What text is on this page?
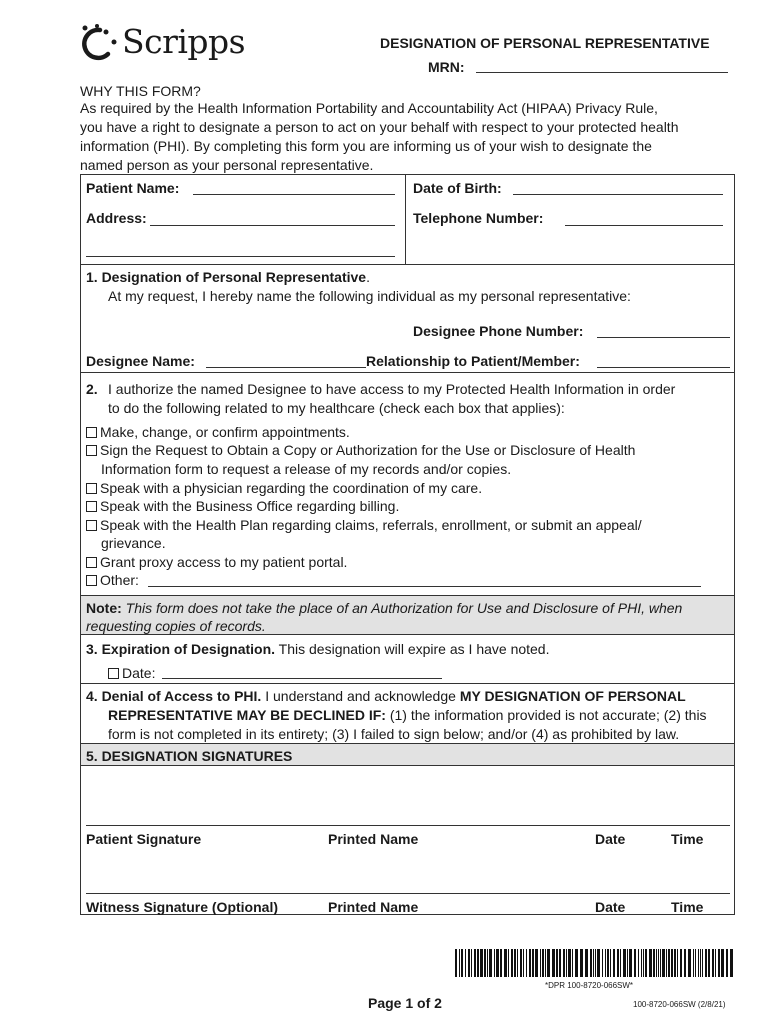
Scripps	DESIGNATION OF PERSONAL REPRESENTATIVE
MRN:
WHY THIS FORM?
As required by the Health Information Portability and Accountability Act (HIPAA) Privacy Rule,
you have a right to designate a person to act on your behalf with respect to your protected health
information (PHI). By completing this form you are informing us of your wish to designate the
named person as your personal representative.
Patient Name:	Date of Birth:
Address:	Telephone Number:
1. Designation of Personal Representative.
At my request, I hereby name the following individual as my personal representative:
Designee Phone Number:
Designee Name:	Relationship to Patient/Member:
2. I authorize the named Designee to have access to my Protected Health Information in order
to do the following related to my healthcare (check each box that applies):
Make, change, or confirm appointments.
Sign the Request to Obtain a Copy or Authorization for the Use or Disclosure of Health
Information form to request a release of my records and/or copies.
Speak with a physician regarding the coordination of my care.
Speak with the Business Office regarding billing.
Speak with the Health Plan regarding claims, referrals, enrollment, or submit an appeal/
grievance.
Grant proxy access to my patient portal.
Other:
Note: This form does not take the place of an Authorization for Use and Disclosure of PHI, when
requesting copies of records.
3. Expiration of Designation. This designation will expire as I have noted.
Date:
4. Denial of Access to PHI. I understand and acknowledge MY DESIGNATION OF PERSONAL
REPRESENTATIVE MAY BE DECLINED IF: (1) the information provided is not accurate; (2) this
form is not completed in its entirety; (3) I failed to sign below; and/or (4) as prohibited by law.
5. DESIGNATION SIGNATURES
Patient Signature	Printed Name	Date	Time
Witness Signature (Optional)	Printed Name	Date	Time
*DPR 100-8720-066SW*
Page 1 of 2	100-8720-066SW (2/8/21)
